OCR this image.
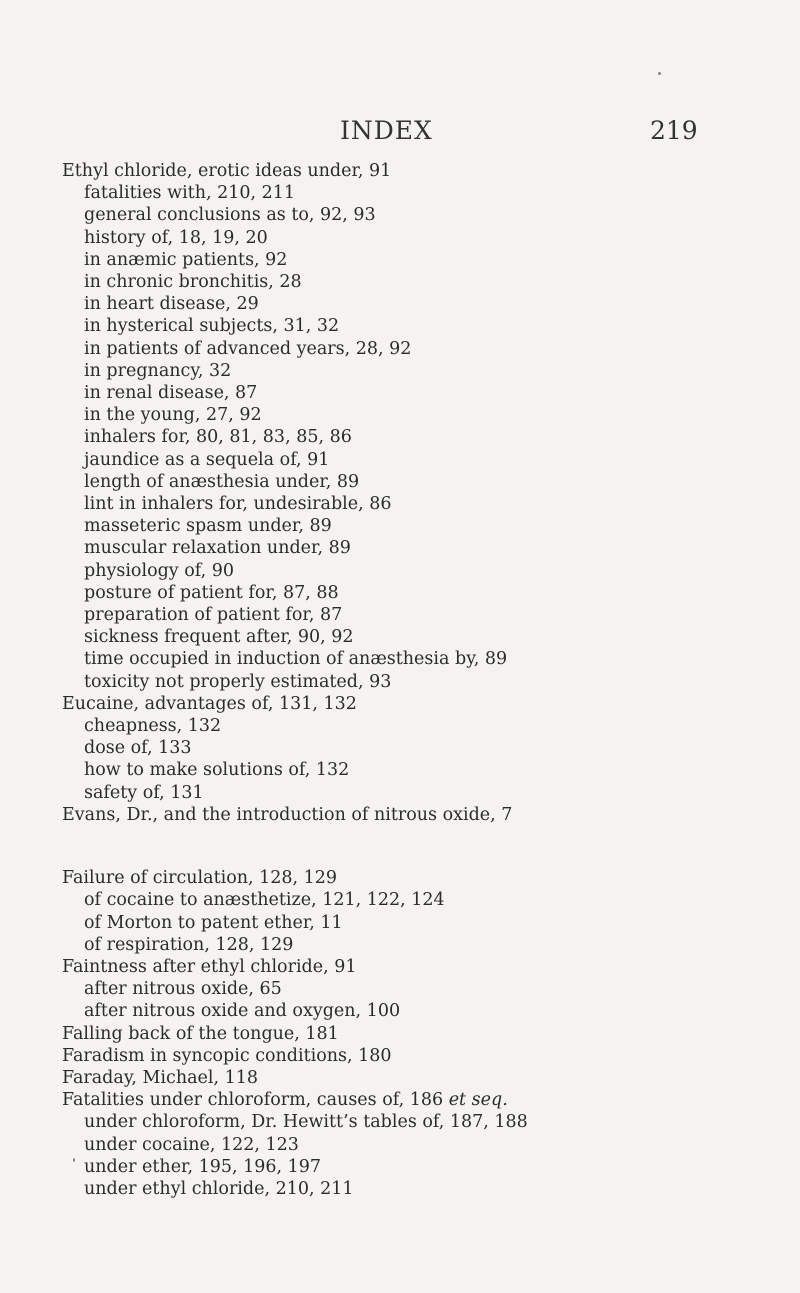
INDEX	219
Ethyl chloride, erotic ideas under, 91
fatalities with, 210, 211
general conclusions as to, 92, 93
history of, 18, 19, 20
in anæmic patients, 92
in chronic bronchitis, 28
in heart disease, 29
in hysterical subjects, 31, 32
in patients of advanced years, 28, 92
in pregnancy, 32
in renal disease, 87
in the young, 27, 92
inhalers for, 80, 81, 83, 85, 86
jaundice as a sequela of, 91
length of anæsthesia under, 89
lint in inhalers for, undesirable, 86
masseteric spasm under, 89
muscular relaxation under, 89
physiology of, 90
posture of patient for, 87, 88
preparation of patient for, 87
sickness frequent after, 90, 92
time occupied in induction of anæsthesia by, 89
toxicity not properly estimated, 93
Eucaine, advantages of, 131, 132
cheapness, 132
dose of, 133
how to make solutions of, 132
safety of, 131
Evans, Dr., and the introduction of nitrous oxide, 7
Failure of circulation, 128, 129
of cocaine to anæsthetize, 121, 122, 124
of Morton to patent ether, 11
of respiration, 128, 129
Faintness after ethyl chloride, 91
after nitrous oxide, 65
after nitrous oxide and oxygen, 100
Falling back of the tongue, 181
Faradism in syncopic conditions, 180
Faraday, Michael, 118
Fatalities under chloroform, causes of, 186 et seq.
under chloroform, Dr. Hewitt’s tables of, 187, 188
under cocaine, 122, 123
under ether, 195, 196, 197
under ethyl chloride, 210, 211
